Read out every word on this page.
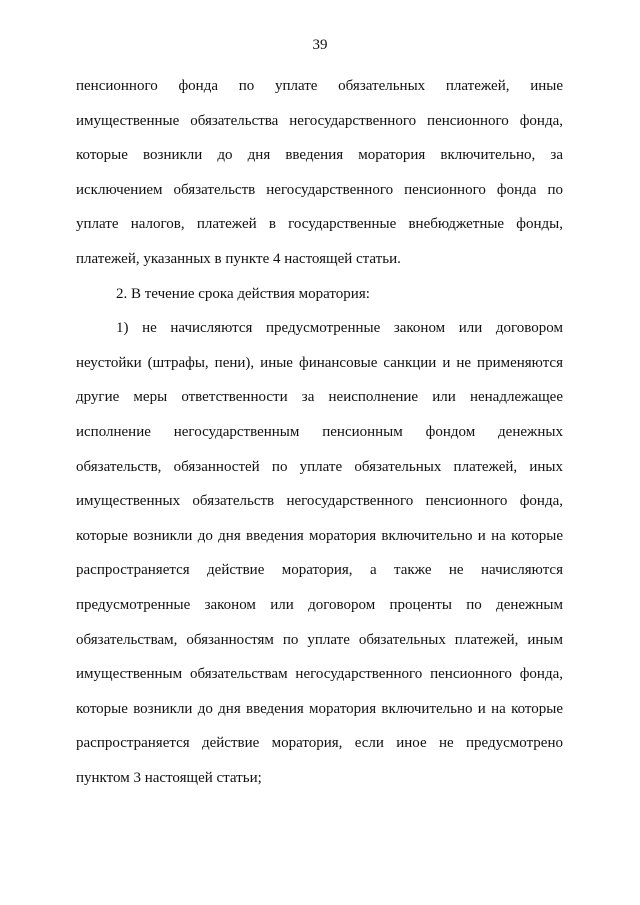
39
пенсионного фонда по уплате обязательных платежей, иные
имущественные обязательства негосударственного пенсионного фонда,
которые возникли до дня введения моратория включительно, за
исключением обязательств негосударственного пенсионного фонда по
уплате налогов, платежей в государственные внебюджетные фонды,
платежей, указанных в пункте 4 настоящей статьи.
2. В течение срока действия моратория:
1) не начисляются предусмотренные законом или договором
неустойки (штрафы, пени), иные финансовые санкции и не применяются
другие меры ответственности за неисполнение или ненадлежащее
исполнение негосударственным пенсионным фондом денежных
обязательств, обязанностей по уплате обязательных платежей, иных
имущественных обязательств негосударственного пенсионного фонда,
которые возникли до дня введения моратория включительно и на которые
распространяется действие моратория, а также не начисляются
предусмотренные законом или договором проценты по денежным
обязательствам, обязанностям по уплате обязательных платежей, иным
имущественным обязательствам негосударственного пенсионного фонда,
которые возникли до дня введения моратория включительно и на которые
распространяется действие моратория, если иное не предусмотрено
пунктом 3 настоящей статьи;
